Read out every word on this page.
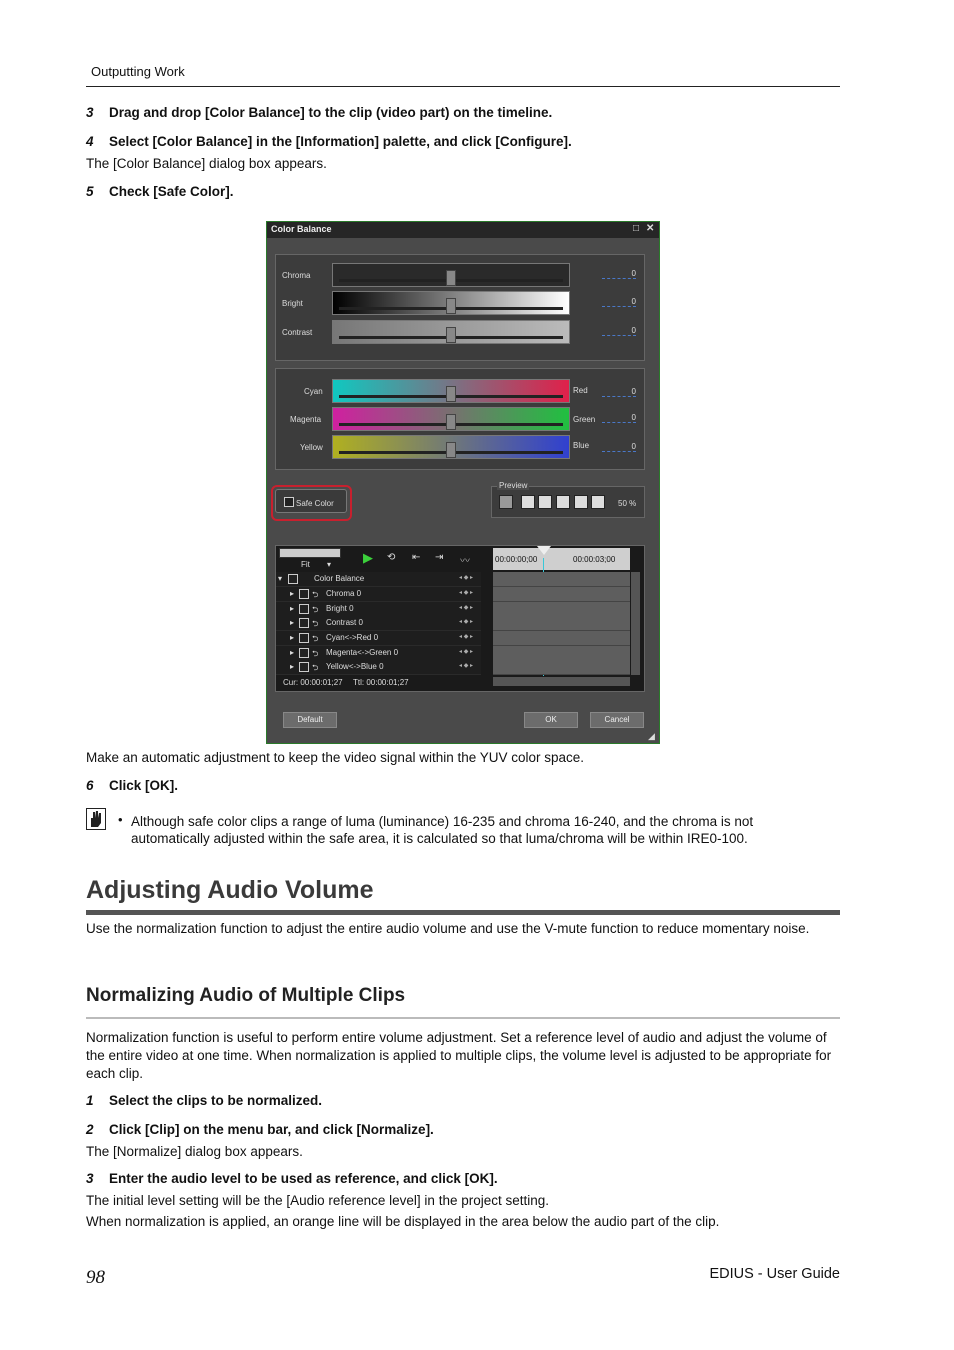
Outputting Work
3 Drag and drop [Color Balance] to the clip (video part) on the timeline.
4 Select [Color Balance] in the [Information] palette, and click [Configure].
The [Color Balance] dialog box appears.
5 Check [Safe Color].
Color Balance	□ ✕
Chroma	0
Bright	0
Contrast	0
Cyan	Red	0
Magenta	Green	0
Yellow	Blue	0
Safe Color
Preview
50 %
Fit ▾ ▶ ⟲ ⇤ ⇥ 〰	00:00:00;00	00:00:03;00
▾	Color Balance	◂ ◆ ▸
▸ ⮌ Chroma 0	◂ ◆ ▸
▸ ⮌ Bright 0	◂ ◆ ▸
▸ ⮌ Contrast 0	◂ ◆ ▸
▸ ⮌ Cyan<->Red 0	◂ ◆ ▸
▸ ⮌ Magenta<->Green 0	◂ ◆ ▸
▸ ⮌ Yellow<->Blue 0	◂ ◆ ▸
Cur: 00:00:01;27 Ttl: 00:00:01;27
Default	OK	Cancel
◢
Make an automatic adjustment to keep the video signal within the YUV color space.
6 Click [OK].
• Although safe color clips a range of luma (luminance) 16-235 and chroma 16-240, and the chroma is not automatically adjusted within the safe area, it is calculated so that luma/chroma will be within IRE0-100.
Adjusting Audio Volume
Use the normalization function to adjust the entire audio volume and use the V-mute function to reduce momentary noise.
Normalizing Audio of Multiple Clips
Normalization function is useful to perform entire volume adjustment. Set a reference level of audio and adjust the volume of the entire video at one time. When normalization is applied to multiple clips, the volume level is adjusted to be appropriate for each clip.
1 Select the clips to be normalized.
2 Click [Clip] on the menu bar, and click [Normalize].
The [Normalize] dialog box appears.
3 Enter the audio level to be used as reference, and click [OK].
The initial level setting will be the [Audio reference level] in the project setting.
When normalization is applied, an orange line will be displayed in the area below the audio part of the clip.
98	EDIUS - User Guide
